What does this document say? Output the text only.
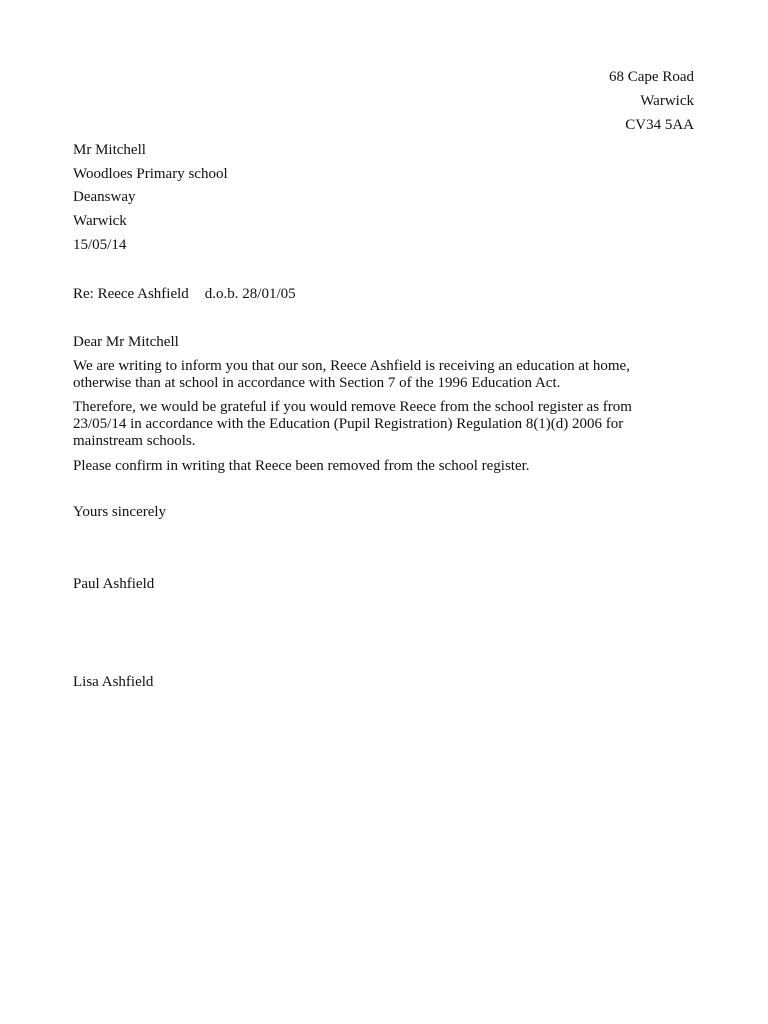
68 Cape Road
Warwick
CV34 5AA
Mr Mitchell
Woodloes Primary school
Deansway
Warwick
15/05/14
Re: Reece Ashfield d.o.b. 28/01/05
Dear Mr Mitchell
We are writing to inform you that our son, Reece Ashfield is receiving an education at home,
otherwise than at school in accordance with Section 7 of the 1996 Education Act.
Therefore, we would be grateful if you would remove Reece from the school register as from
23/05/14 in accordance with the Education (Pupil Registration) Regulation 8(1)(d) 2006 for
mainstream schools.
Please confirm in writing that Reece been removed from the school register.
Yours sincerely
Paul Ashfield
Lisa Ashfield
